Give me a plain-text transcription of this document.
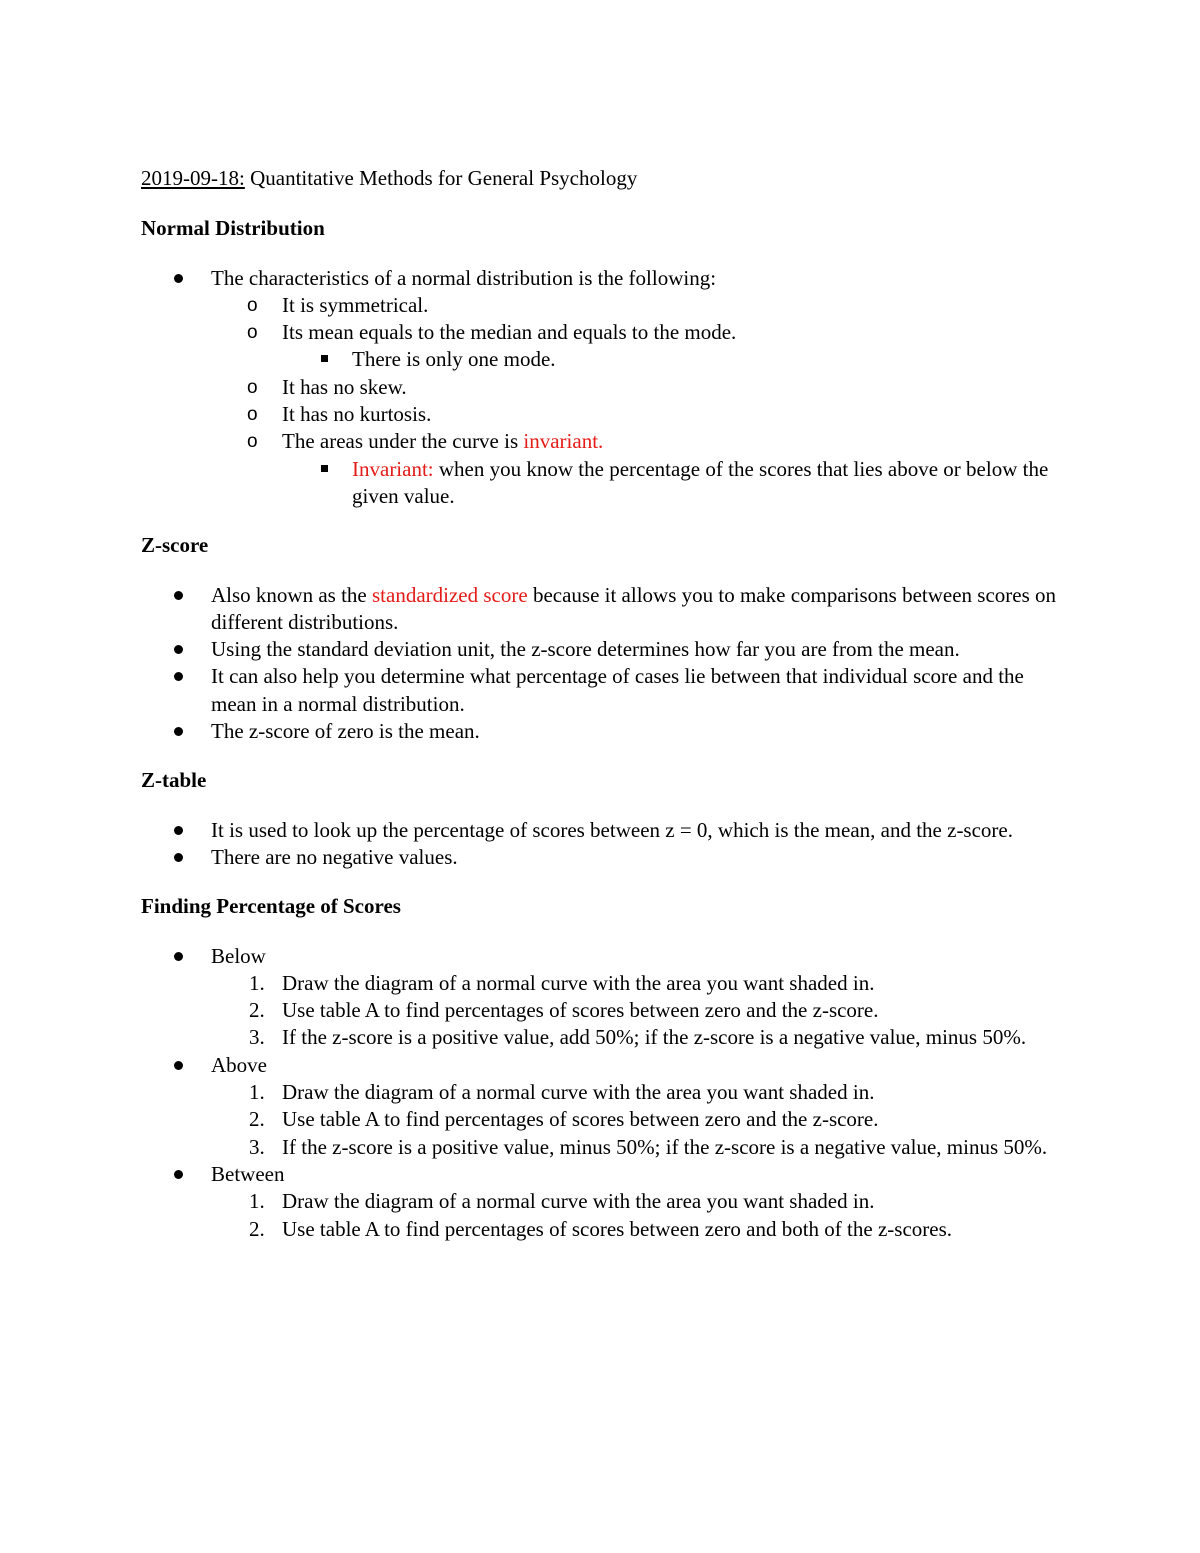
2019-09-18: Quantitative Methods for General Psychology
Normal Distribution
The characteristics of a normal distribution is the following:
o It is symmetrical.
o Its mean equals to the median and equals to the mode.
There is only one mode.
o It has no skew.
o It has no kurtosis.
o The areas under the curve is invariant.
Invariant: when you know the percentage of the scores that lies above or below the given value.
Z-score
Also known as the standardized score because it allows you to make comparisons between scores on different distributions.
Using the standard deviation unit, the z-score determines how far you are from the mean.
It can also help you determine what percentage of cases lie between that individual score and the mean in a normal distribution.
The z-score of zero is the mean.
Z-table
It is used to look up the percentage of scores between z = 0, which is the mean, and the z-score.
There are no negative values.
Finding Percentage of Scores
Below
1. Draw the diagram of a normal curve with the area you want shaded in.
2. Use table A to find percentages of scores between zero and the z-score.
3. If the z-score is a positive value, add 50%; if the z-score is a negative value, minus 50%.
Above
1. Draw the diagram of a normal curve with the area you want shaded in.
2. Use table A to find percentages of scores between zero and the z-score.
3. If the z-score is a positive value, minus 50%; if the z-score is a negative value, minus 50%.
Between
1. Draw the diagram of a normal curve with the area you want shaded in.
2. Use table A to find percentages of scores between zero and both of the z-scores.
